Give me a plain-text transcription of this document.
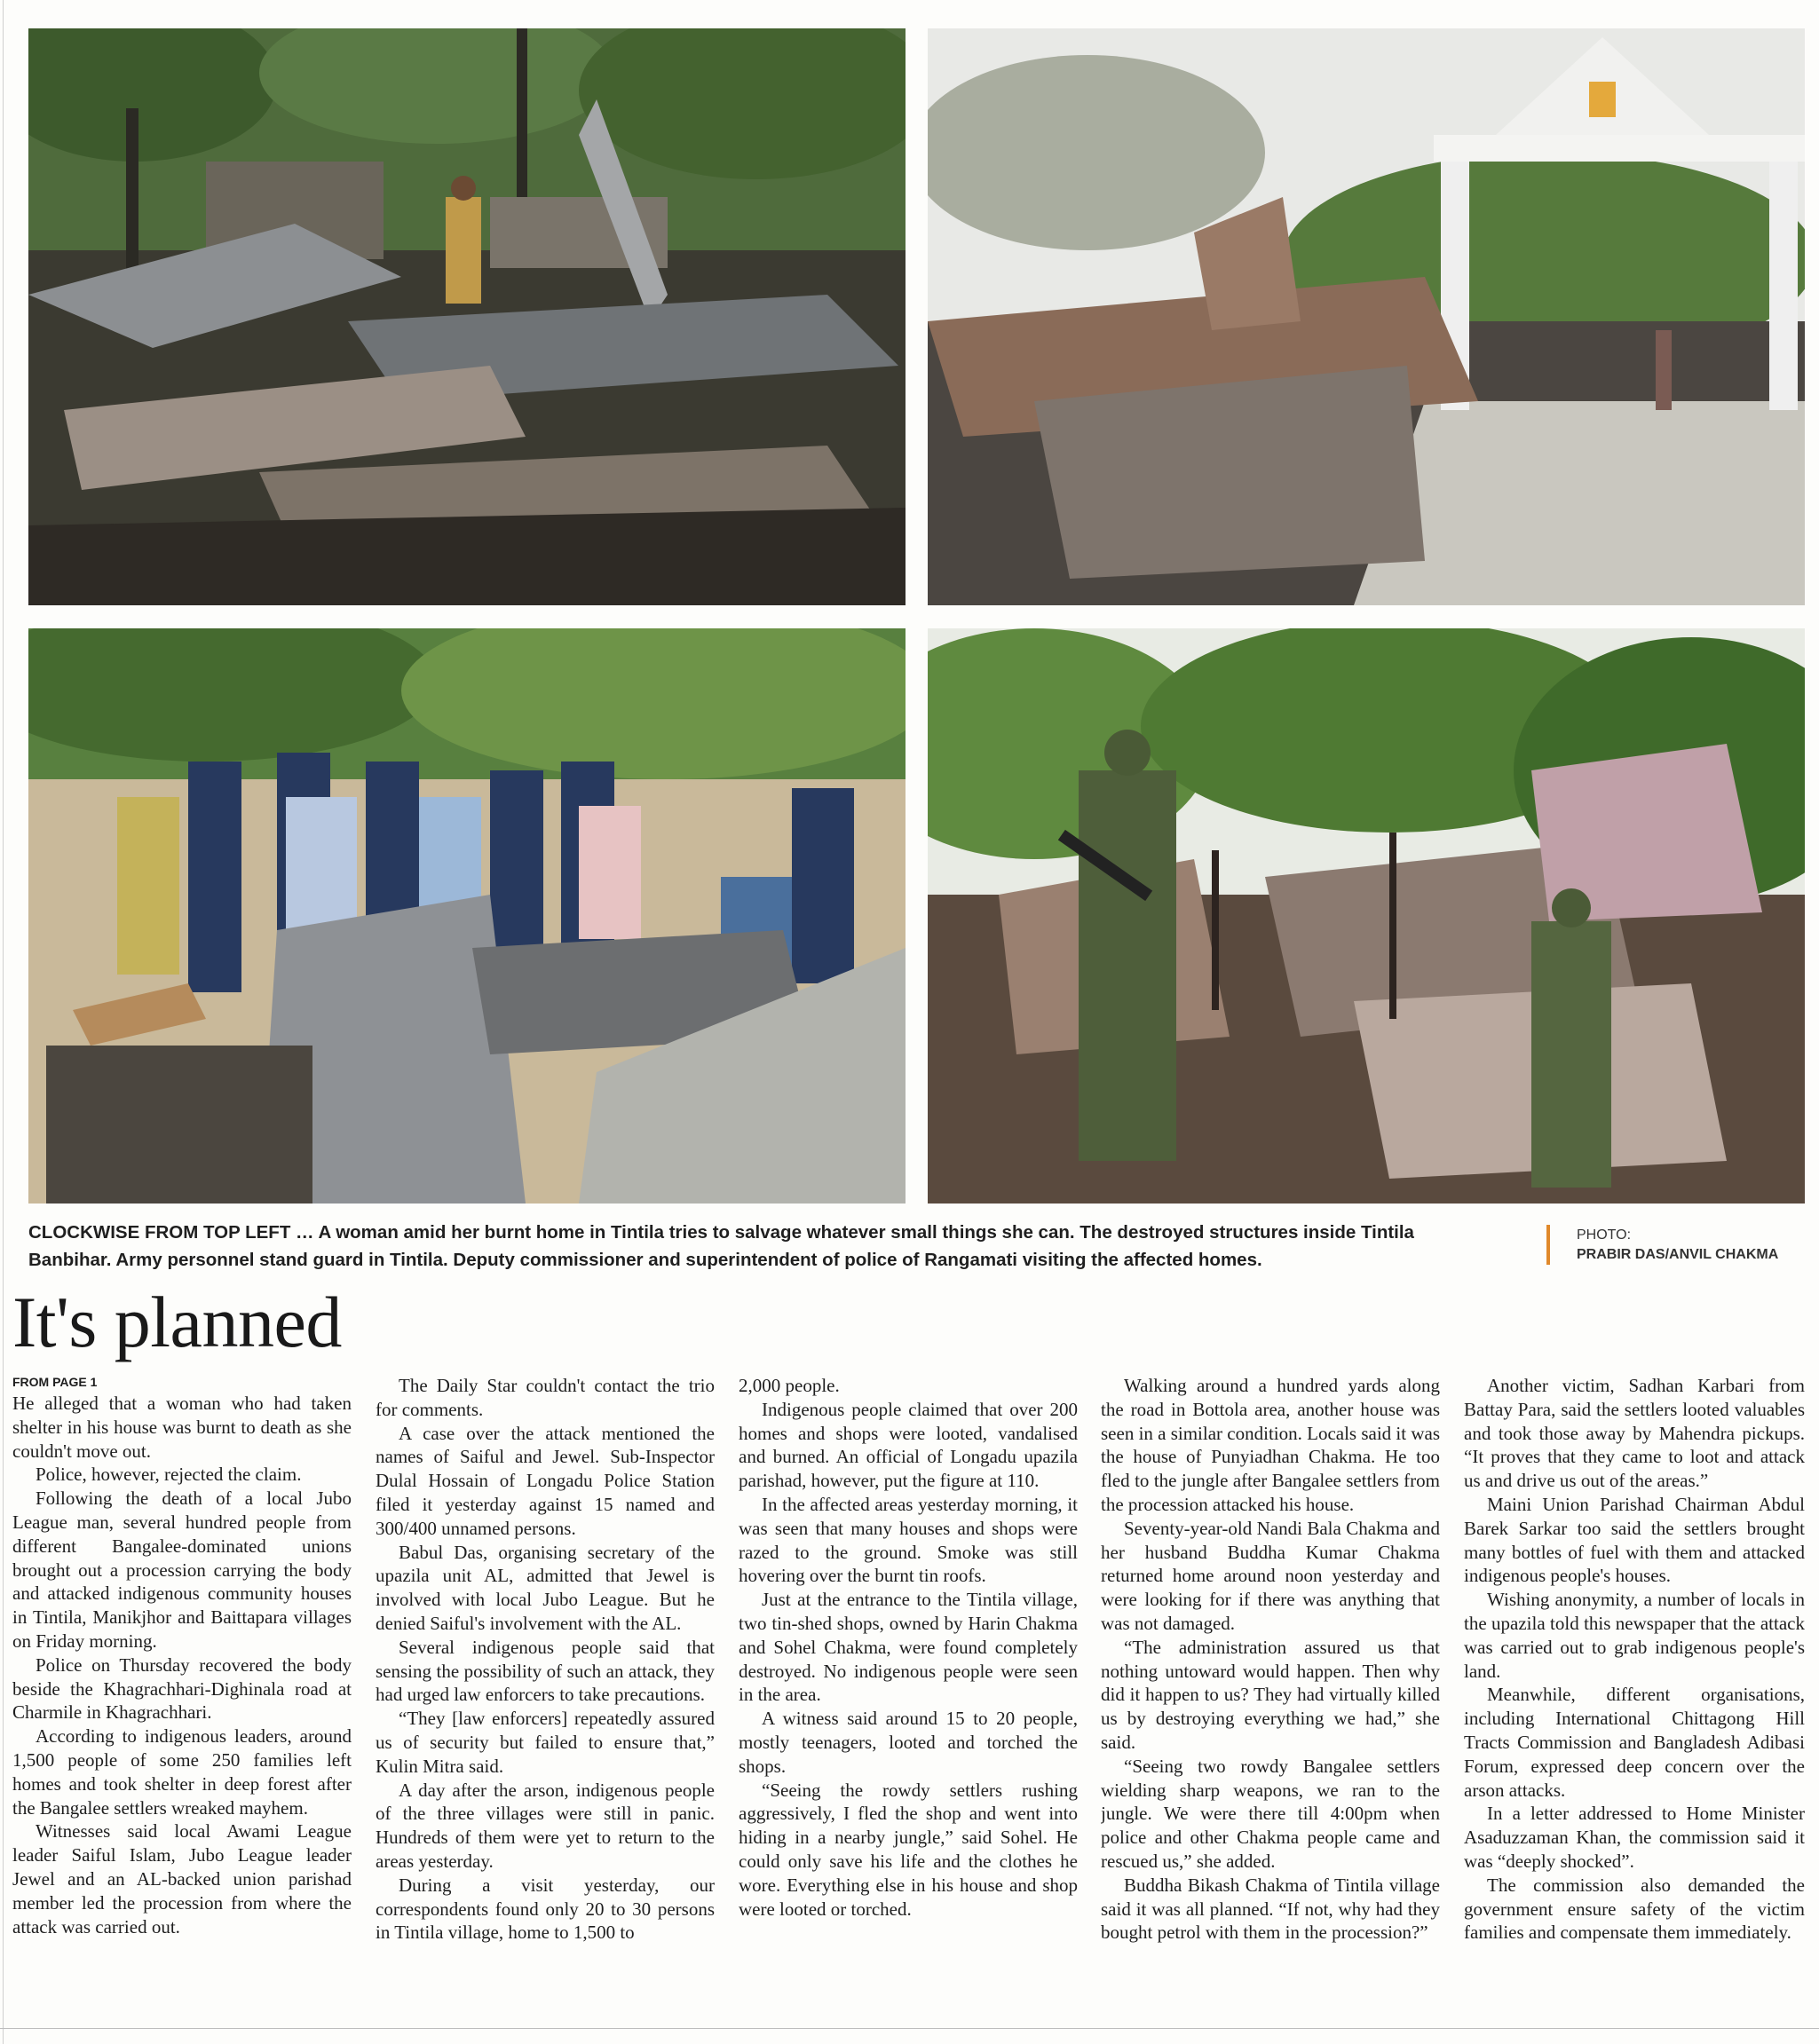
CLOCKWISE FROM TOP LEFT … A woman amid her burnt home in Tintila tries to salvage whatever small things she can. The destroyed structures inside Tintila Banbihar. Army personnel stand guard in Tintila. Deputy commissioner and superintendent of police of Rangamati visiting the affected homes.
PHOTO:
PRABIR DAS/ANVIL CHAKMA
It's planned
FROM PAGE 1

He alleged that a woman who had taken shelter in his house was burnt to death as she couldn't move out.

Police, however, rejected the claim.

Following the death of a local Jubo League man, several hundred people from different Bangalee-dominated unions brought out a procession carrying the body and attacked indigenous community houses in Tintila, Manikjhor and Baittapara villages on Friday morning.

Police on Thursday recovered the body beside the Khagrachhari-Dighinala road at Charmile in Khagrachhari.

According to indigenous leaders, around 1,500 people of some 250 families left homes and took shelter in deep forest after the Bangalee settlers wreaked mayhem.

Witnesses said local Awami League leader Saiful Islam, Jubo League leader Jewel and an AL-backed union parishad member led the procession from where the attack was carried out.

The Daily Star couldn't contact the trio for comments.

A case over the attack mentioned the names of Saiful and Jewel. Sub-Inspector Dulal Hossain of Longadu Police Station filed it yesterday against 15 named and 300/400 unnamed persons.

Babul Das, organising secretary of the upazila unit AL, admitted that Jewel is involved with local Jubo League. But he denied Saiful's involvement with the AL.

Several indigenous people said that sensing the possibility of such an attack, they had urged law enforcers to take precautions.

“They [law enforcers] repeatedly assured us of security but failed to ensure that,” Kulin Mitra said.

A day after the arson, indigenous people of the three villages were still in panic. Hundreds of them were yet to return to the areas yesterday.

During a visit yesterday, our correspondents found only 20 to 30 persons in Tintila village, home to 1,500 to

2,000 people.

Indigenous people claimed that over 200 homes and shops were looted, vandalised and burned. An official of Longadu upazila parishad, however, put the figure at 110.

In the affected areas yesterday morning, it was seen that many houses and shops were razed to the ground. Smoke was still hovering over the burnt tin roofs.

Just at the entrance to the Tintila village, two tin-shed shops, owned by Harin Chakma and Sohel Chakma, were found completely destroyed. No indigenous people were seen in the area.

A witness said around 15 to 20 people, mostly teenagers, looted and torched the shops.

“Seeing the rowdy settlers rushing aggressively, I fled the shop and went into hiding in a nearby jungle,” said Sohel. He could only save his life and the clothes he wore. Everything else in his house and shop were looted or torched.

Walking around a hundred yards along the road in Bottola area, another house was seen in a similar condition. Locals said it was the house of Punyiadhan Chakma. He too fled to the jungle after Bangalee settlers from the procession attacked his house.

Seventy-year-old Nandi Bala Chakma and her husband Buddha Kumar Chakma returned home around noon yesterday and were looking for if there was anything that was not damaged.

“The administration assured us that nothing untoward would happen. Then why did it happen to us? They had virtually killed us by destroying everything we had,” she said.

“Seeing two rowdy Bangalee settlers wielding sharp weapons, we ran to the jungle. We were there till 4:00pm when police and other Chakma people came and rescued us,” she added.

Buddha Bikash Chakma of Tintila village said it was all planned. “If not, why had they bought petrol with them in the procession?”

Another victim, Sadhan Karbari from Battay Para, said the settlers looted valuables and took those away by Mahendra pickups. “It proves that they came to loot and attack us and drive us out of the areas.”

Maini Union Parishad Chairman Abdul Barek Sarkar too said the settlers brought many bottles of fuel with them and attacked indigenous people's houses.

Wishing anonymity, a number of locals in the upazila told this newspaper that the attack was carried out to grab indigenous people's land.

Meanwhile, different organisations, including International Chittagong Hill Tracts Commission and Bangladesh Adibasi Forum, expressed deep concern over the arson attacks.

In a letter addressed to Home Minister Asaduzzaman Khan, the commission said it was “deeply shocked”.

The commission also demanded the government ensure safety of the victim families and compensate them immediately.
